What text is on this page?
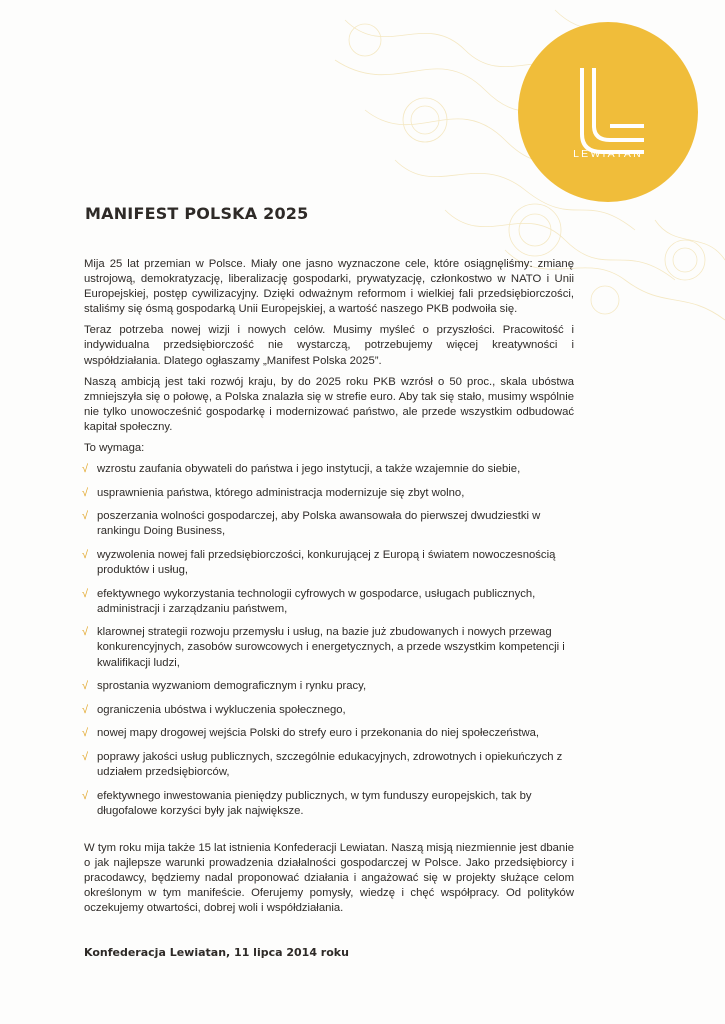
LEWIATAN
MANIFEST POLSKA 2025

Mija 25 lat przemian w Polsce. Miały one jasno wyznaczone cele, które osiągnęliśmy: zmianę ustrojową, demokratyzację, liberalizację gospodarki, prywatyzację, członkostwo w NATO i Unii Europejskiej, postęp cywilizacyjny. Dzięki odważnym reformom i wielkiej fali przedsiębiorczości, staliśmy się ósmą gospodarką Unii Europejskiej, a wartość naszego PKB podwoiła się.

Teraz potrzeba nowej wizji i nowych celów. Musimy myśleć o przyszłości. Pracowitość i indywidualna przedsiębiorczość nie wystarczą, potrzebujemy więcej kreatywności i współdziałania. Dlatego ogłaszamy „Manifest Polska 2025”.

Naszą ambicją jest taki rozwój kraju, by do 2025 roku PKB wzrósł o 50 proc., skala ubóstwa zmniejszyła się o połowę, a Polska znalazła się w strefie euro. Aby tak się stało, musimy wspólnie nie tylko unowocześnić gospodarkę i modernizować państwo, ale przede wszystkim odbudować kapitał społeczny.

To wymaga:

√ wzrostu zaufania obywateli do państwa i jego instytucji, a także wzajemnie do siebie,
√ usprawnienia państwa, którego administracja modernizuje się zbyt wolno,
√ poszerzania wolności gospodarczej, aby Polska awansowała do pierwszej dwudziestki w rankingu Doing Business,
√ wyzwolenia nowej fali przedsiębiorczości, konkurującej z Europą i światem nowoczesnością produktów i usług,
√ efektywnego wykorzystania technologii cyfrowych w gospodarce, usługach publicznych, administracji i zarządzaniu państwem,
√ klarownej strategii rozwoju przemysłu i usług, na bazie już zbudowanych i nowych przewag konkurencyjnych, zasobów surowcowych i energetycznych, a przede wszystkim kompetencji i kwalifikacji ludzi,
√ sprostania wyzwaniom demograficznym i rynku pracy,
√ ograniczenia ubóstwa i wykluczenia społecznego,
√ nowej mapy drogowej wejścia Polski do strefy euro i przekonania do niej społeczeństwa,
√ poprawy jakości usług publicznych, szczególnie edukacyjnych, zdrowotnych i opiekuńczych z udziałem przedsiębiorców,
√ efektywnego inwestowania pieniędzy publicznych, w tym funduszy europejskich, tak by długofalowe korzyści były jak największe.

W tym roku mija także 15 lat istnienia Konfederacji Lewiatan. Naszą misją niezmiennie jest dbanie o jak najlepsze warunki prowadzenia działalności gospodarczej w Polsce. Jako przedsiębiorcy i pracodawcy, będziemy nadal proponować działania i angażować się w projekty służące celom określonym w tym manifeście. Oferujemy pomysły, wiedzę i chęć współpracy. Od polityków oczekujemy otwartości, dobrej woli i współdziałania.

Konfederacja Lewiatan, 11 lipca 2014 roku
